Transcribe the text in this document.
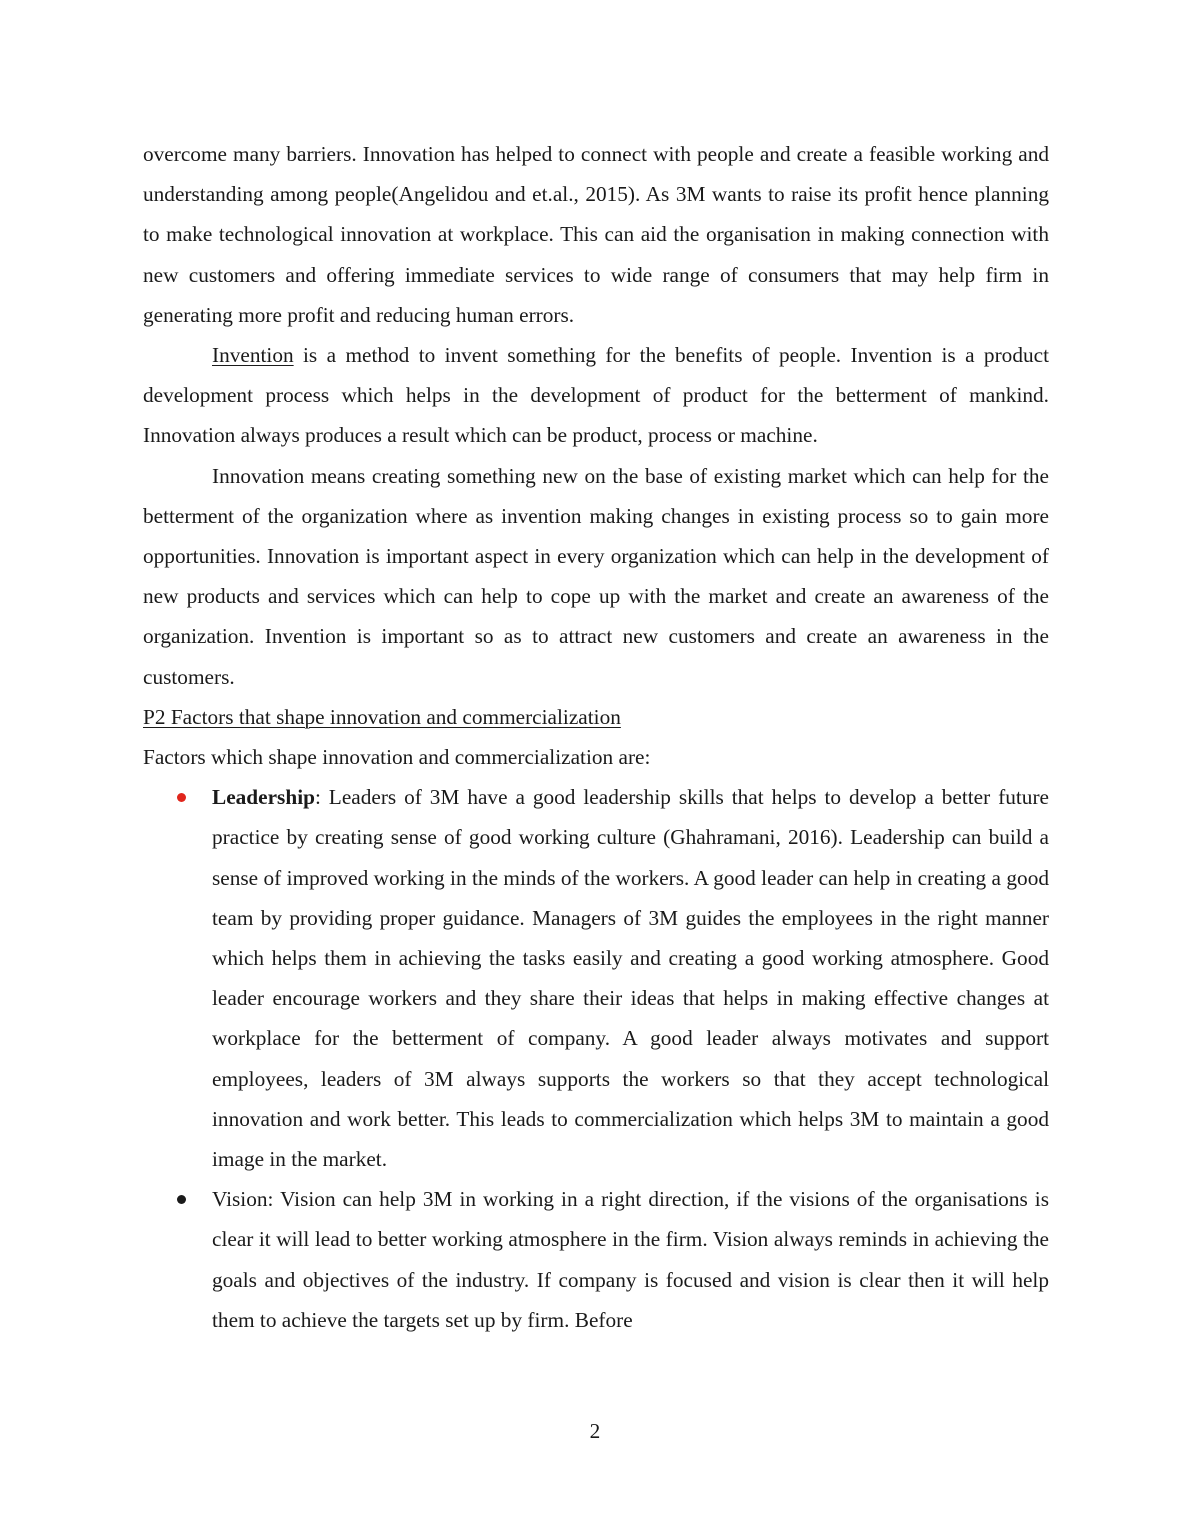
overcome many barriers. Innovation has helped to connect with people and create a feasible working and understanding among people(Angelidou and et.al., 2015). As 3M wants to raise its profit hence planning to make technological innovation at workplace. This can aid the organisation in making connection with new customers and offering immediate services to wide range of consumers that may help firm in generating more profit and reducing human errors.

Invention is a method to invent something for the benefits of people. Invention is a product development process which helps in the development of product for the betterment of mankind. Innovation always produces a result which can be product, process or machine.

Innovation means creating something new on the base of existing market which can help for the betterment of the organization where as invention making changes in existing process so to gain more opportunities. Innovation is important aspect in every organization which can help in the development of new products and services which can help to cope up with the market and create an awareness of the organization. Invention is important so as to attract new customers and create an awareness in the customers.

P2 Factors that shape innovation and commercialization

Factors which shape innovation and commercialization are:

Leadership: Leaders of 3M have a good leadership skills that helps to develop a better future practice by creating sense of good working culture (Ghahramani, 2016). Leadership can build a sense of improved working in the minds of the workers. A good leader can help in creating a good team by providing proper guidance. Managers of 3M guides the employees in the right manner which helps them in achieving the tasks easily and creating a good working atmosphere. Good leader encourage workers and they share their ideas that helps in making effective changes at workplace for the betterment of company. A good leader always motivates and support employees, leaders of 3M always supports the workers so that they accept technological innovation and work better. This leads to commercialization which helps 3M to maintain a good image in the market.
Vision: Vision can help 3M in working in a right direction, if the visions of the organisations is clear it will lead to better working atmosphere in the firm. Vision always reminds in achieving the goals and objectives of the industry. If company is focused and vision is clear then it will help them to achieve the targets set up by firm. Before
2
